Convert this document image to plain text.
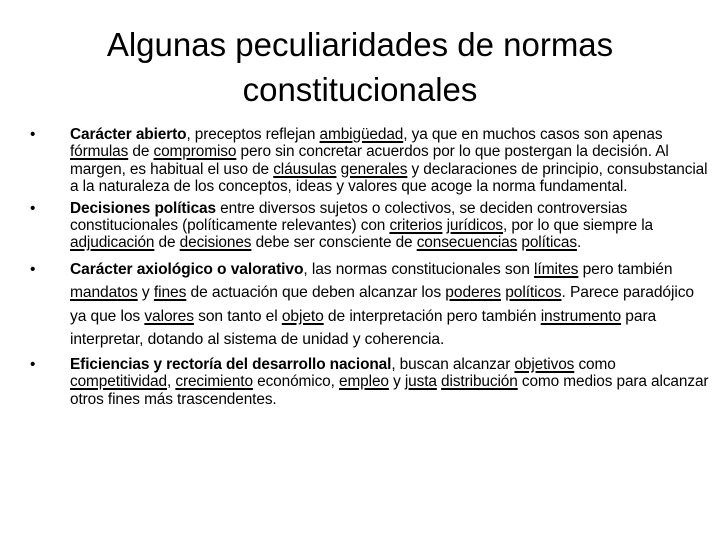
Algunas peculiaridades de normas
constitucionales
• Carácter abierto, preceptos reflejan ambigüedad, ya que en muchos casos son apenas fórmulas de compromiso pero sin concretar acuerdos por lo que postergan la decisión. Al margen, es habitual el uso de cláusulas generales y declaraciones de principio, consubstancial a la naturaleza de los conceptos, ideas y valores que acoge la norma fundamental.

• Decisiones políticas entre diversos sujetos o colectivos, se deciden controversias constitucionales (políticamente relevantes) con criterios jurídicos, por lo que siempre la adjudicación de decisiones debe ser consciente de consecuencias políticas.

• Carácter axiológico o valorativo, las normas constitucionales son límites pero también mandatos y fines de actuación que deben alcanzar los poderes políticos. Parece paradójico ya que los valores son tanto el objeto de interpretación pero también instrumento para interpretar, dotando al sistema de unidad y coherencia.

• Eficiencias y rectoría del desarrollo nacional, buscan alcanzar objetivos como competitividad, crecimiento económico, empleo y justa distribución como medios para alcanzar otros fines más trascendentes.
